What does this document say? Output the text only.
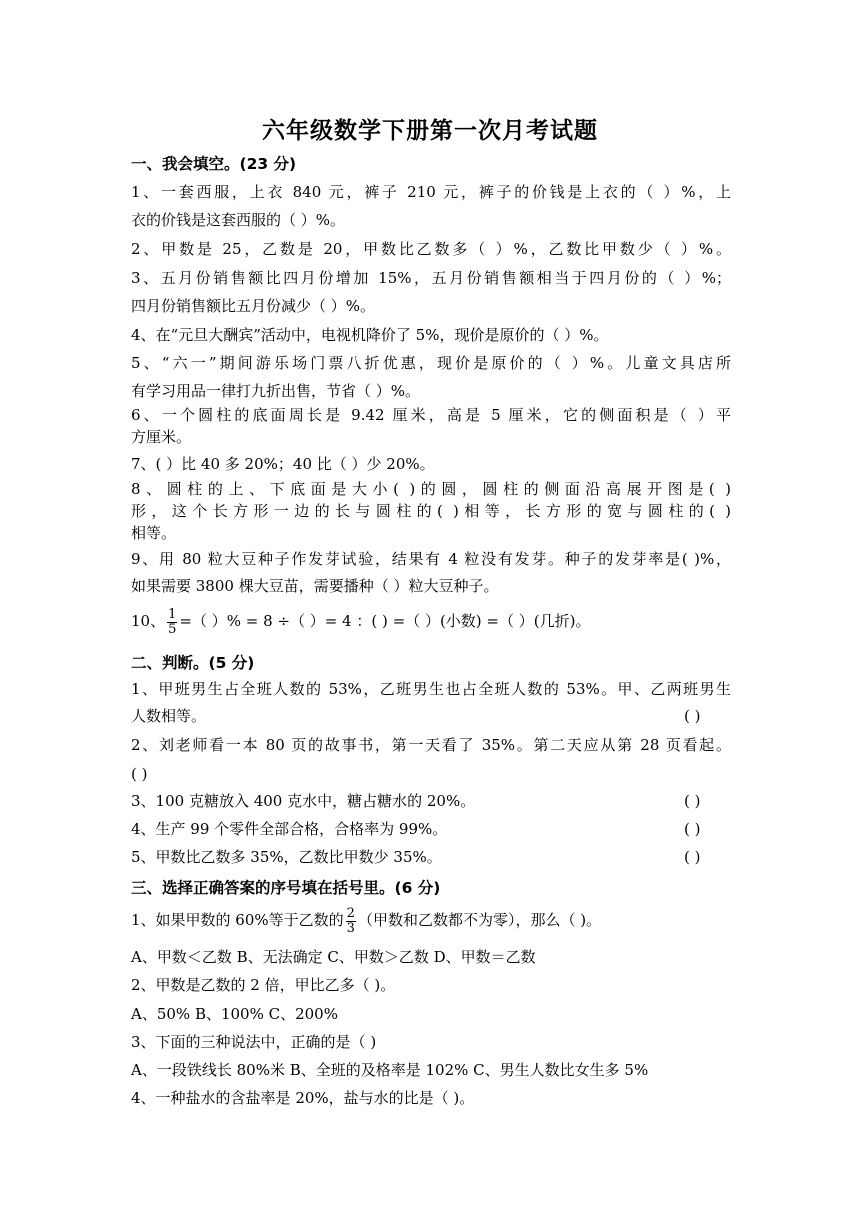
六年级数学下册第一次月考试题
一、我会填空。(23 分)
1、一套西服，上衣 840 元，裤子 210 元，裤子的价钱是上衣的（ ）%，上
衣的价钱是这套西服的（ ）%。
2、甲数是 25，乙数是 20，甲数比乙数多（ ）%，乙数比甲数少（ ）%。
3、五月份销售额比四月份增加 15%，五月份销售额相当于四月份的（ ）%；
四月份销售额比五月份减少（ ）%。
4、在“元旦大酬宾”活动中，电视机降价了 5%，现价是原价的（ ）%。
5、“六一”期间游乐场门票八折优惠，现价是原价的（ ）%。儿童文具店所
有学习用品一律打九折出售，节省（ ）%。
6、一个圆柱的底面周长是 9.42 厘米，高是 5 厘米，它的侧面积是（ ）平
方厘米。
7、( ）比 40 多 20%；40 比（ ）少 20%。
8、圆柱的上、下底面是大小( )的圆，圆柱的侧面沿高展开图是( )
形，这个长方形一边的长与圆柱的( )相等，长方形的宽与圆柱的( )
相等。
9、用 80 粒大豆种子作发芽试验，结果有 4 粒没有发芽。种子的发芽率是( )%，
如果需要 3800 棵大豆苗，需要播种（ ）粒大豆种子。
10、 $\frac{1}{5}$ =（ ）% = 8 ÷（ ）= 4 ：( ) =（ ）(小数) =（ ）(几折)。
二、判断。(5 分)
1、甲班男生占全班人数的 53%，乙班男生也占全班人数的 53%。甲、乙两班男生
人数相等。	( )
2、刘老师看一本 80 页的故事书，第一天看了 35%。第二天应从第 28 页看起。
( )
3、100 克糖放入 400 克水中，糖占糖水的 20%。	( )
4、生产 99 个零件全部合格，合格率为 99%。	( )
5、甲数比乙数多 35%，乙数比甲数少 35%。	( )
三、选择正确答案的序号填在括号里。(6 分)
1、如果甲数的 60%等于乙数的 $\frac{2}{3}$ （甲数和乙数都不为零），那么（ )。
A、甲数＜乙数 B、无法确定 C、甲数＞乙数 D、甲数＝乙数
2、甲数是乙数的 2 倍，甲比乙多（ )。
A、50% B、100% C、200%
3、下面的三种说法中，正确的是（ )
A、一段铁线长 80%米 B、全班的及格率是 102% C、男生人数比女生多 5%
4、一种盐水的含盐率是 20%，盐与水的比是（ )。
